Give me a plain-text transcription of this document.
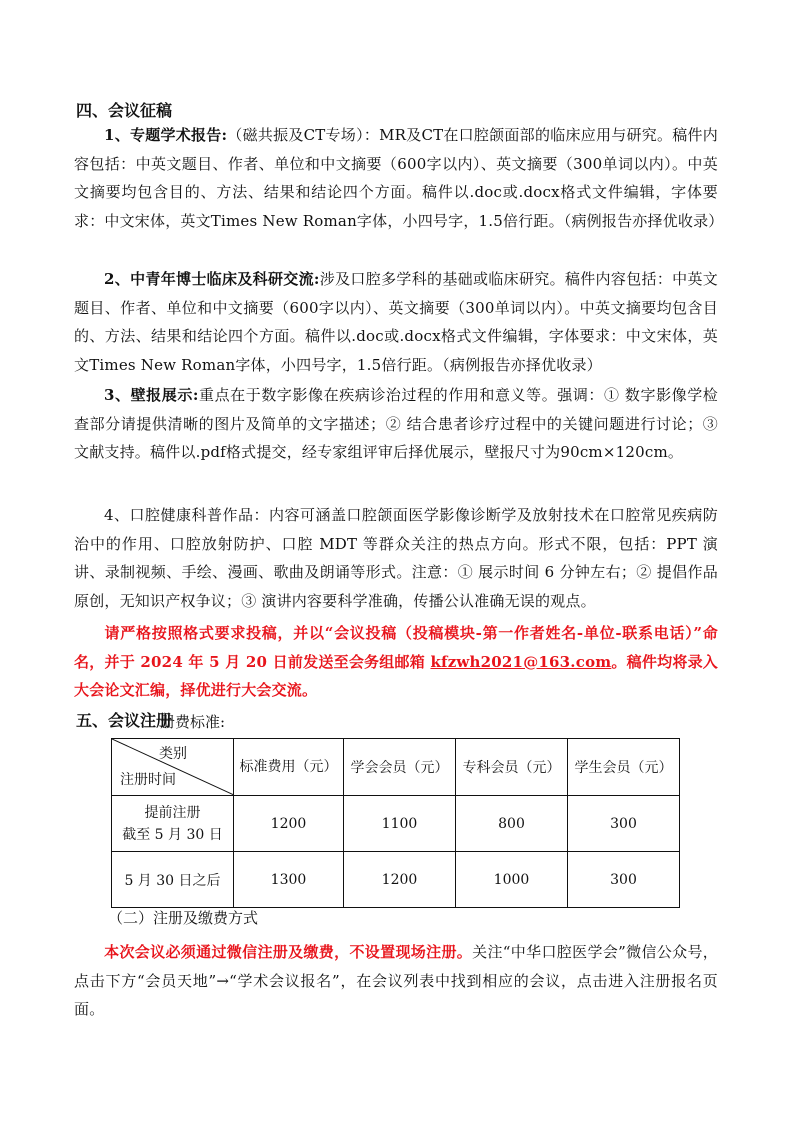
四、会议征稿
1、专题学术报告:（磁共振及CT专场）：MR及CT在口腔颌面部的临床应用与研究。稿件内容包括：中英文题目、作者、单位和中文摘要（600字以内）、英文摘要（300单词以内）。中英文摘要均包含目的、方法、结果和结论四个方面。稿件以.doc或.docx格式文件编辑，字体要求：中文宋体，英文Times New Roman字体，小四号字，1.5倍行距。（病例报告亦择优收录）
2、中青年博士临床及科研交流:涉及口腔多学科的基础或临床研究。稿件内容包括：中英文题目、作者、单位和中文摘要（600字以内）、英文摘要（300单词以内）。中英文摘要均包含目的、方法、结果和结论四个方面。稿件以.doc或.docx格式文件编辑，字体要求：中文宋体，英文Times New Roman字体，小四号字，1.5倍行距。（病例报告亦择优收录）
3、壁报展示:重点在于数字影像在疾病诊治过程的作用和意义等。强调：① 数字影像学检查部分请提供清晰的图片及简单的文字描述；② 结合患者诊疗过程中的关键问题进行讨论；③ 文献支持。稿件以.pdf格式提交，经专家组评审后择优展示，壁报尺寸为90cm×120cm。
4、口腔健康科普作品：内容可涵盖口腔颌面医学影像诊断学及放射技术在口腔常见疾病防治中的作用、口腔放射防护、口腔 MDT 等群众关注的热点方向。形式不限，包括：PPT 演讲、录制视频、手绘、漫画、歌曲及朗诵等形式。注意：① 展示时间 6 分钟左右；② 提倡作品原创，无知识产权争议；③ 演讲内容要科学准确，传播公认准确无误的观点。
请严格按照格式要求投稿，并以“会议投稿（投稿模块-第一作者姓名-单位-联系电话）”命名，并于 2024 年 5 月 20 日前发送至会务组邮箱 kfzwh2021@163.com。稿件均将录入大会论文汇编，择优进行大会交流。
五、会议注册
册费标准:
类别
注册时间	标准费用（元）	学会会员（元）	专科会员（元）	学生会员（元）
提前注册
截至 5 月 30 日	1200	1100	800	300
5 月 30 日之后	1300	1200	1000	300
（二）注册及缴费方式
本次会议必须通过微信注册及缴费，不设置现场注册。关注“中华口腔医学会”微信公众号，点击下方“会员天地”→“学术会议报名”，在会议列表中找到相应的会议，点击进入注册报名页面。
